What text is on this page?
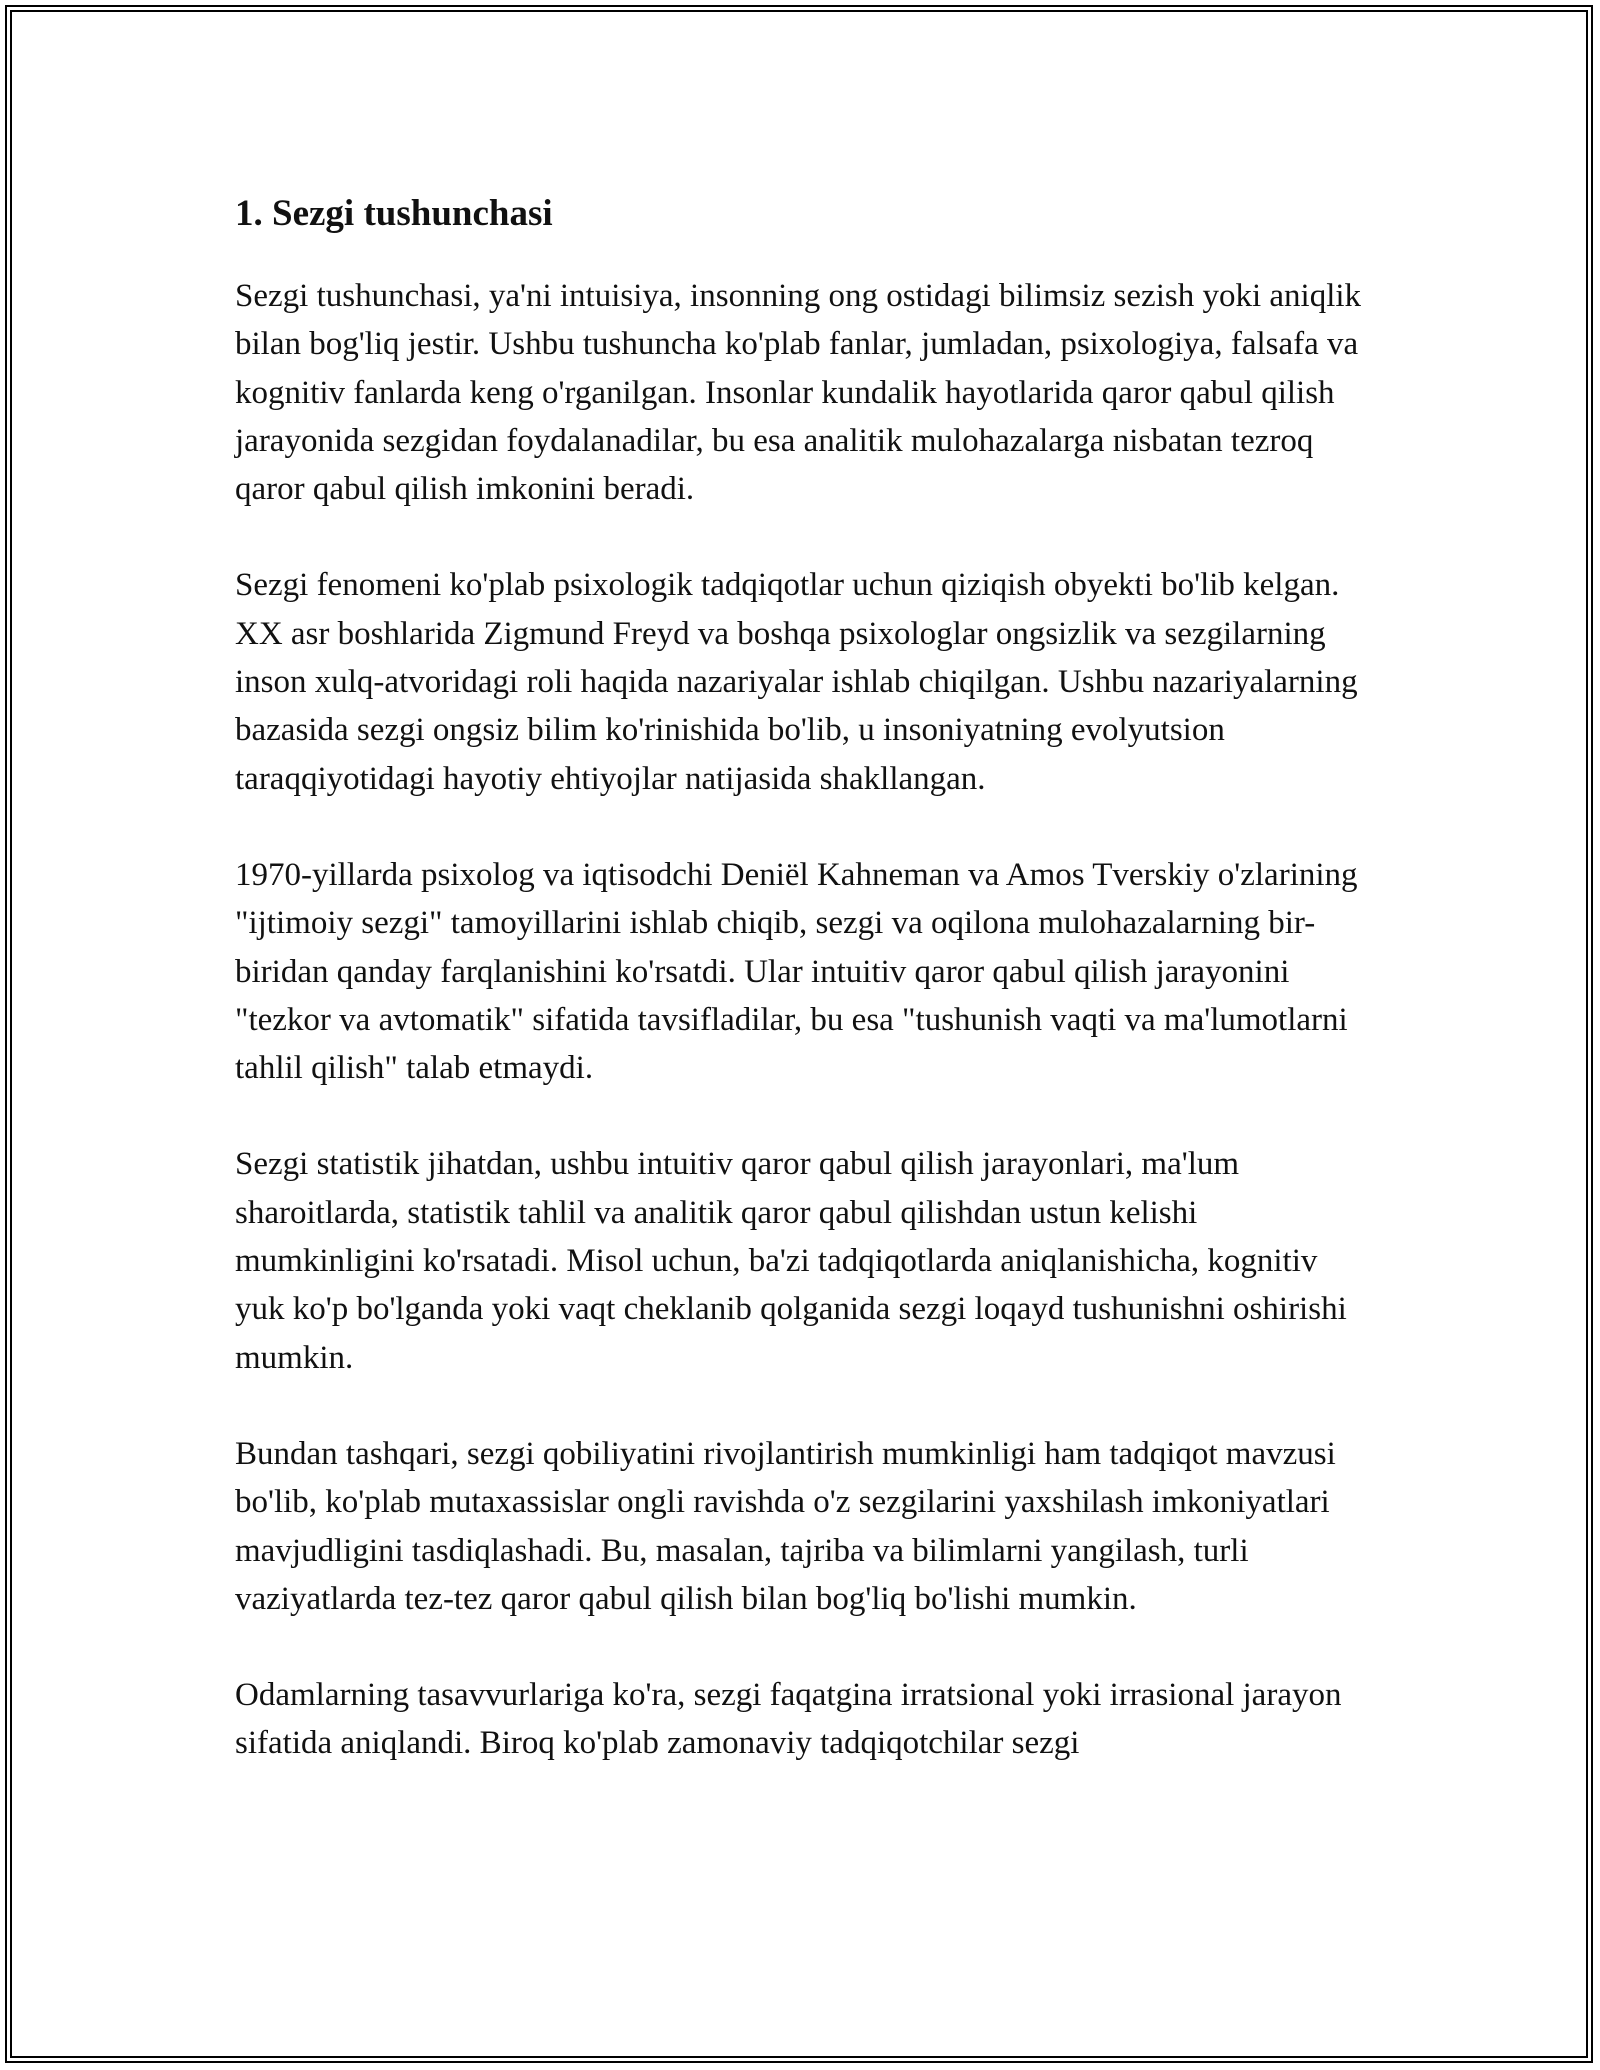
1. Sezgi tushunchasi

Sezgi tushunchasi, ya'ni intuisiya, insonning ong ostidagi bilimsiz sezish yoki aniqlik bilan bog'liq jestir. Ushbu tushuncha ko'plab fanlar, jumladan, psixologiya, falsafa va kognitiv fanlarda keng o'rganilgan. Insonlar kundalik hayotlarida qaror qabul qilish jarayonida sezgidan foydalanadilar, bu esa analitik mulohazalarga nisbatan tezroq qaror qabul qilish imkonini beradi.

Sezgi fenomeni ko'plab psixologik tadqiqotlar uchun qiziqish obyekti bo'lib kelgan. XX asr boshlarida Zigmund Freyd va boshqa psixologlar ongsizlik va sezgilarning inson xulq-atvoridagi roli haqida nazariyalar ishlab chiqilgan. Ushbu nazariyalarning bazasida sezgi ongsiz bilim ko'rinishida bo'lib, u insoniyatning evolyutsion taraqqiyotidagi hayotiy ehtiyojlar natijasida shakllangan.

1970-yillarda psixolog va iqtisodchi Deniël Kahneman va Amos Tverskiy o'zlarining "ijtimoiy sezgi" tamoyillarini ishlab chiqib, sezgi va oqilona mulohazalarning bir-biridan qanday farqlanishini ko'rsatdi. Ular intuitiv qaror qabul qilish jarayonini "tezkor va avtomatik" sifatida tavsifladilar, bu esa "tushunish vaqti va ma'lumotlarni tahlil qilish" talab etmaydi.

Sezgi statistik jihatdan, ushbu intuitiv qaror qabul qilish jarayonlari, ma'lum sharoitlarda, statistik tahlil va analitik qaror qabul qilishdan ustun kelishi mumkinligini ko'rsatadi. Misol uchun, ba'zi tadqiqotlarda aniqlanishicha, kognitiv yuk ko'p bo'lganda yoki vaqt cheklanib qolganida sezgi loqayd tushunishni oshirishi mumkin.

Bundan tashqari, sezgi qobiliyatini rivojlantirish mumkinligi ham tadqiqot mavzusi bo'lib, ko'plab mutaxassislar ongli ravishda o'z sezgilarini yaxshilash imkoniyatlari mavjudligini tasdiqlashadi. Bu, masalan, tajriba va bilimlarni yangilash, turli vaziyatlarda tez-tez qaror qabul qilish bilan bog'liq bo'lishi mumkin.

Odamlarning tasavvurlariga ko'ra, sezgi faqatgina irratsional yoki irrasional jarayon sifatida aniqlandi. Biroq ko'plab zamonaviy tadqiqotchilar sezgi
